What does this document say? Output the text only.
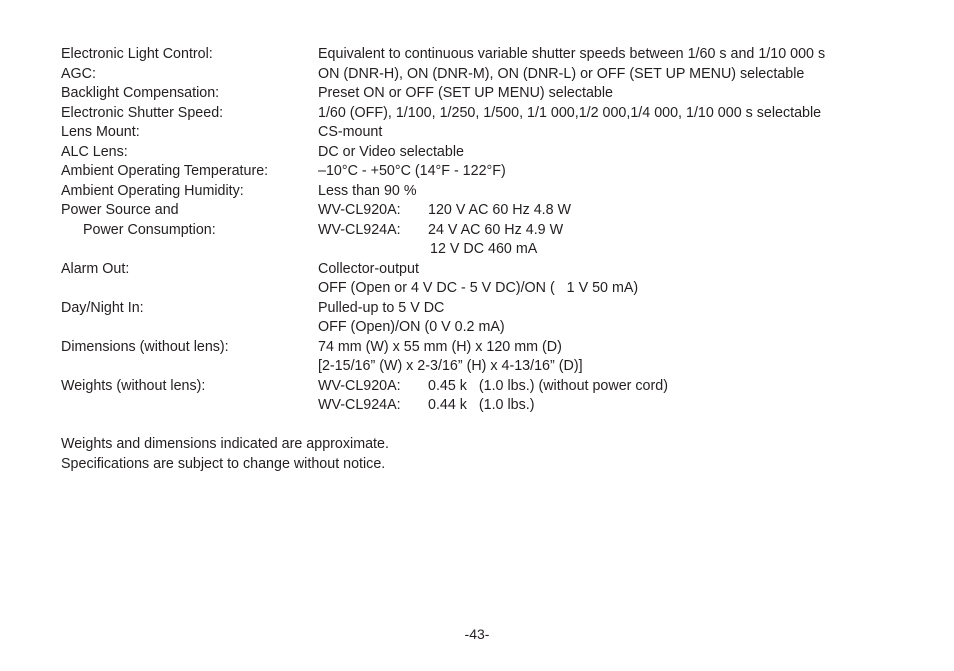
Electronic Light Control:	Equivalent to continuous variable shutter speeds between 1/60 s and 1/10 000 s
AGC:	ON (DNR-H), ON (DNR-M), ON (DNR-L) or OFF (SET UP MENU) selectable
Backlight Compensation:	Preset ON or OFF (SET UP MENU) selectable
Electronic Shutter Speed:	1/60 (OFF), 1/100, 1/250, 1/500, 1/1 000,1/2 000,1/4 000, 1/10 000 s selectable
Lens Mount:	CS-mount
ALC Lens:	DC or Video selectable
Ambient Operating Temperature:	–10°C - +50°C (14°F - 122°F)
Ambient Operating Humidity:	Less than 90 %
Power Source and	WV-CL920A: 120 V AC 60 Hz 4.8 W
Power Consumption:	WV-CL924A: 24 V AC 60 Hz 4.9 W
12 V DC 460 mA
Alarm Out:	Collector-output
OFF (Open or 4 V DC - 5 V DC)/ON (   1 V 50 mA)
Day/Night In:	Pulled-up to 5 V DC
OFF (Open)/ON (0 V 0.2 mA)
Dimensions (without lens):	74 mm (W) x 55 mm (H) x 120 mm (D)
[2-15/16” (W) x 2-3/16” (H) x 4-13/16” (D)]
Weights (without lens):	WV-CL920A: 0.45 k   (1.0 lbs.) (without power cord)
WV-CL924A: 0.44 k   (1.0 lbs.)
Weights and dimensions indicated are approximate.
Specifications are subject to change without notice.
-43-
